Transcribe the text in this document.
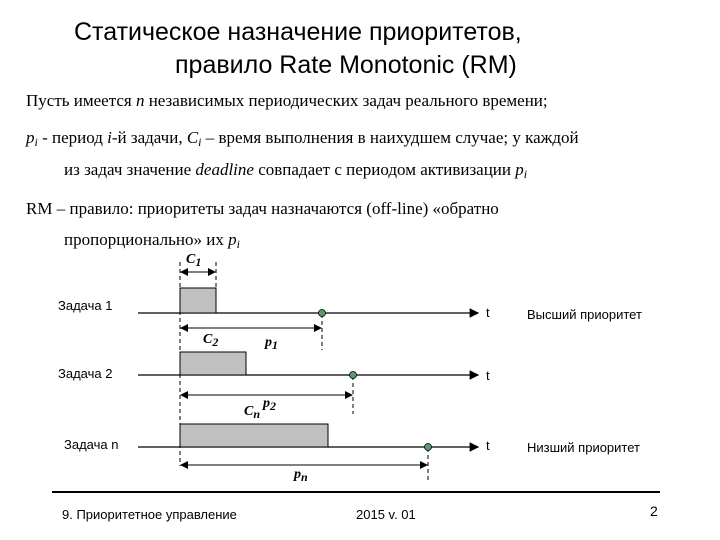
Статическое назначение приоритетов,
правило Rate Monotonic (RM)
Пусть имеется n независимых периодических задач реального времени;
$p_i$ - период i-й задачи, $C_i$ – время выполнения в наихудшем случае; у каждой
из задач значение deadline совпадает с периодом активизации $p_i$
RM – правило: приоритеты задач назначаются (off-line) «обратно
пропорционально» их $p_i$
C1
C2
Cn
p1
p2
pn
Задача 1
Задача 2
Задача n
t
t
t
Высший приоритет
Низший приоритет
9. Приоритетное управление	2015 v. 01	2
